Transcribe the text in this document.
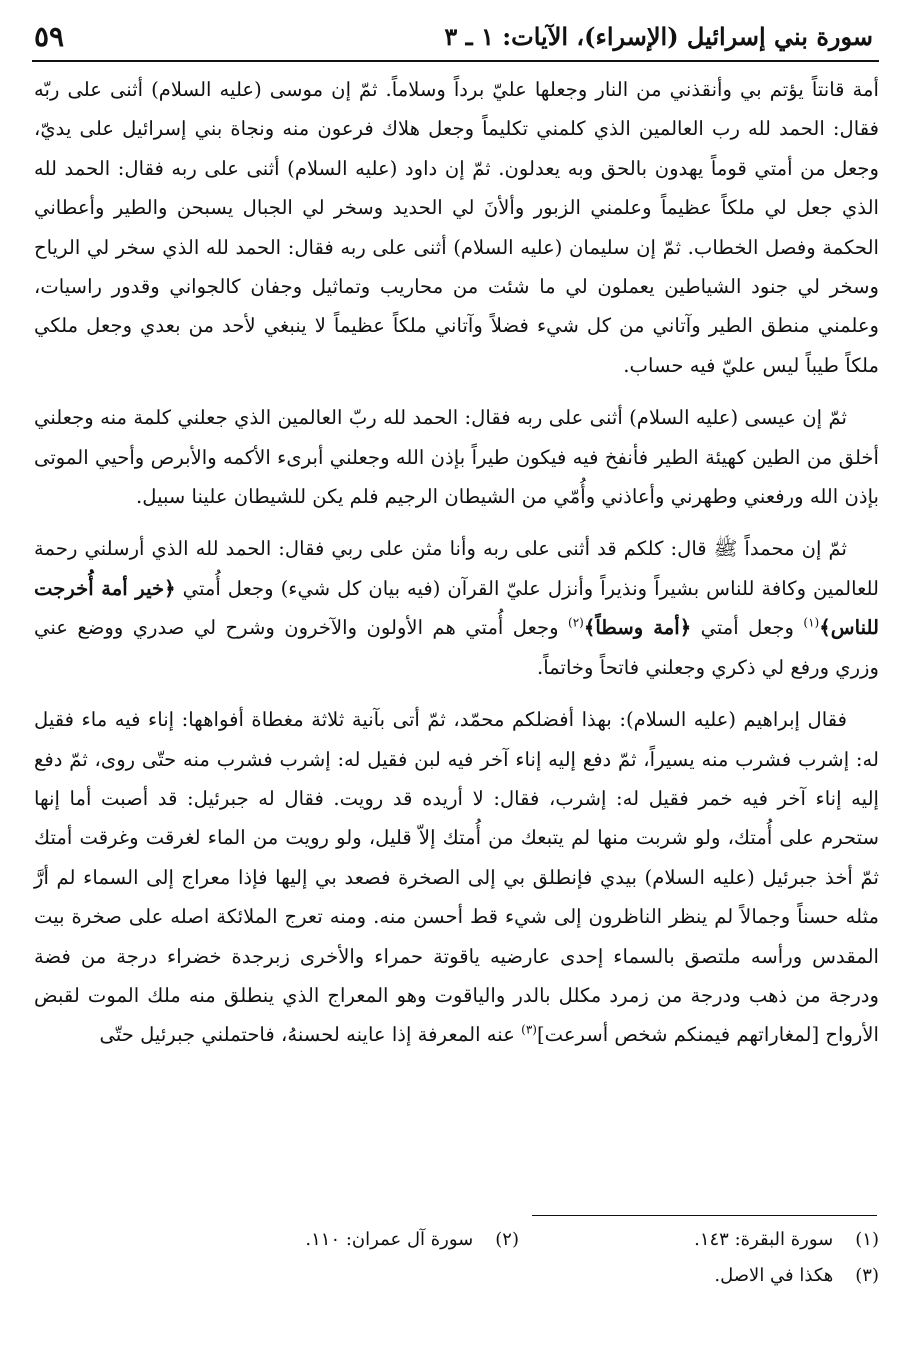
سورة بني إسرائيل (الإسراء)، الآيات: ١ ـ ٣
٥٩

أمة قانتاً يؤتم بي وأنقذني من النار وجعلها عليّ برداً وسلاماً. ثمّ إن موسى (عليه السلام) أثنى على ربّه فقال: الحمد لله رب العالمين الذي كلمني تكليماً وجعل هلاك فرعون منه ونجاة بني إسرائيل على يديّ، وجعل من أمتي قوماً يهدون بالحق وبه يعدلون. ثمّ إن داود (عليه السلام) أثنى على ربه فقال: الحمد لله الذي جعل لي ملكاً عظيماً وعلمني الزبور وألأنَ لي الحديد وسخر لي الجبال يسبحن والطير وأعطاني الحكمة وفصل الخطاب. ثمّ إن سليمان (عليه السلام) أثنى على ربه فقال: الحمد لله الذي سخر لي الرياح وسخر لي جنود الشياطين يعملون لي ما شئت من محاريب وتماثيل وجفان كالجواني وقدور راسيات، وعلمني منطق الطير وآتاني من كل شيء فضلاً وآتاني ملكاً عظيماً لا ينبغي لأحد من بعدي وجعل ملكي ملكاً طيباً ليس عليّ فيه حساب.

ثمّ إن عيسى (عليه السلام) أثنى على ربه فقال: الحمد لله ربّ العالمين الذي جعلني كلمة منه وجعلني أخلق من الطين كهيئة الطير فأنفخ فيه فيكون طيراً بإذن الله وجعلني أبرىء الأكمه والأبرص وأحيي الموتى بإذن الله ورفعني وطهرني وأعاذني وأُمّي من الشيطان الرجيم فلم يكن للشيطان علينا سبيل.

ثمّ إن محمداً ﷺ قال: كلكم قد أثنى على ربه وأنا مثن على ربي فقال: الحمد لله الذي أرسلني رحمة للعالمين وكافة للناس بشيراً ونذيراً وأنزل عليّ القرآن (فيه بيان كل شيء) وجعل أُمتي ﴿خير أمة أُخرجت للناس﴾$^{(١)}$ وجعل أمتي ﴿أمة وسطاً﴾$^{(٢)}$ وجعل أُمتي هم الأولون والآخرون وشرح لي صدري ووضع عني وزري ورفع لي ذكري وجعلني فاتحاً وخاتماً.

فقال إبراهيم (عليه السلام): بهذا أفضلكم محمّد، ثمّ أتى بآنية ثلاثة مغطاة أفواهها: إناء فيه ماء فقيل له: إشرب فشرب منه يسيراً، ثمّ دفع إليه إناء آخر فيه لبن فقيل له: إشرب فشرب منه حتّى روى، ثمّ دفع إليه إناء آخر فيه خمر فقيل له: إشرب، فقال: لا أريده قد رويت. فقال له جبرئيل: قد أصبت أما إنها ستحرم على أُمتك، ولو شربت منها لم يتبعك من أُمتك إلاّ قليل، ولو رويت من الماء لغرقت وغرقت أمتك ثمّ أخذ جبرئيل (عليه السلام) بيدي فإنطلق بي إلى الصخرة فصعد بي إليها فإذا معراج إلى السماء لم أرَّ مثله حسناً وجمالاً لم ينظر الناظرون إلى شيء قط أحسن منه. ومنه تعرج الملائكة اصله على صخرة بيت المقدس ورأسه ملتصق بالسماء إحدى عارضيه ياقوتة حمراء والأخرى زبرجدة خضراء درجة من فضة ودرجة من ذهب ودرجة من زمرد مكلل بالدر والياقوت وهو المعراج الذي ينطلق منه ملك الموت لقبض الأرواح [لمغاراتهم فيمنكم شخص أسرعت]$^{(٣)}$ عنه المعرفة إذا عاينه لحسنهُ، فاحتملني جبرئيل حتّى

(١) سورة البقرة: ١٤٣.
(٢) سورة آل عمران: ١١٠.
(٣) هكذا في الاصل.
